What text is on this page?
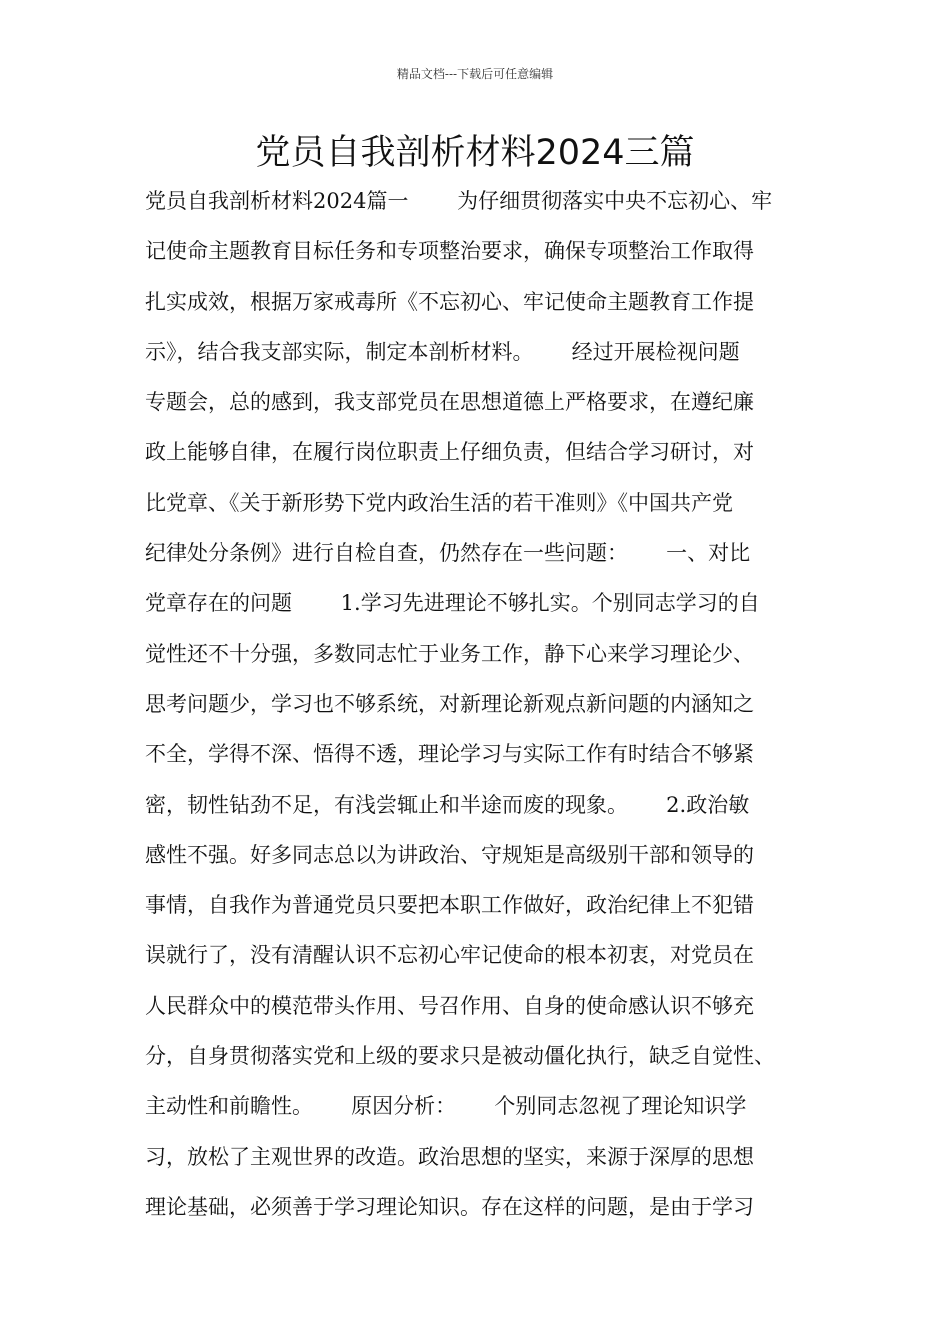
精品文档---下载后可任意编辑
党员自我剖析材料2024三篇
党员自我剖析材料2024篇一　　 为仔细贯彻落实中央不忘初心、牢
记使命主题教育目标任务和专项整治要求，确保专项整治工作取得
扎实成效，根据万家戒毒所《不忘初心、牢记使命主题教育工作提
示》，结合我支部实际，制定本剖析材料。　　 经过开展检视问题
专题会，总的感到，我支部党员在思想道德上严格要求，在遵纪廉
政上能够自律，在履行岗位职责上仔细负责，但结合学习研讨，对
比党章、《关于新形势下党内政治生活的若干准则》《中国共产党
纪律处分条例》进行自检自查，仍然存在一些问题：　　 一、对比
党章存在的问题　　 1.学习先进理论不够扎实。个别同志学习的自
觉性还不十分强，多数同志忙于业务工作，静下心来学习理论少、
思考问题少，学习也不够系统，对新理论新观点新问题的内涵知之
不全，学得不深、悟得不透，理论学习与实际工作有时结合不够紧
密，韧性钻劲不足，有浅尝辄止和半途而废的现象。　　 2.政治敏
感性不强。好多同志总以为讲政治、守规矩是高级别干部和领导的
事情，自我作为普通党员只要把本职工作做好，政治纪律上不犯错
误就行了，没有清醒认识不忘初心牢记使命的根本初衷，对党员在
人民群众中的模范带头作用、号召作用、自身的使命感认识不够充
分，自身贯彻落实党和上级的要求只是被动僵化执行，缺乏自觉性、
主动性和前瞻性。　　 原因分析：　　 个别同志忽视了理论知识学
习，放松了主观世界的改造。政治思想的坚实，来源于深厚的思想
理论基础，必须善于学习理论知识。存在这样的问题，是由于学习
